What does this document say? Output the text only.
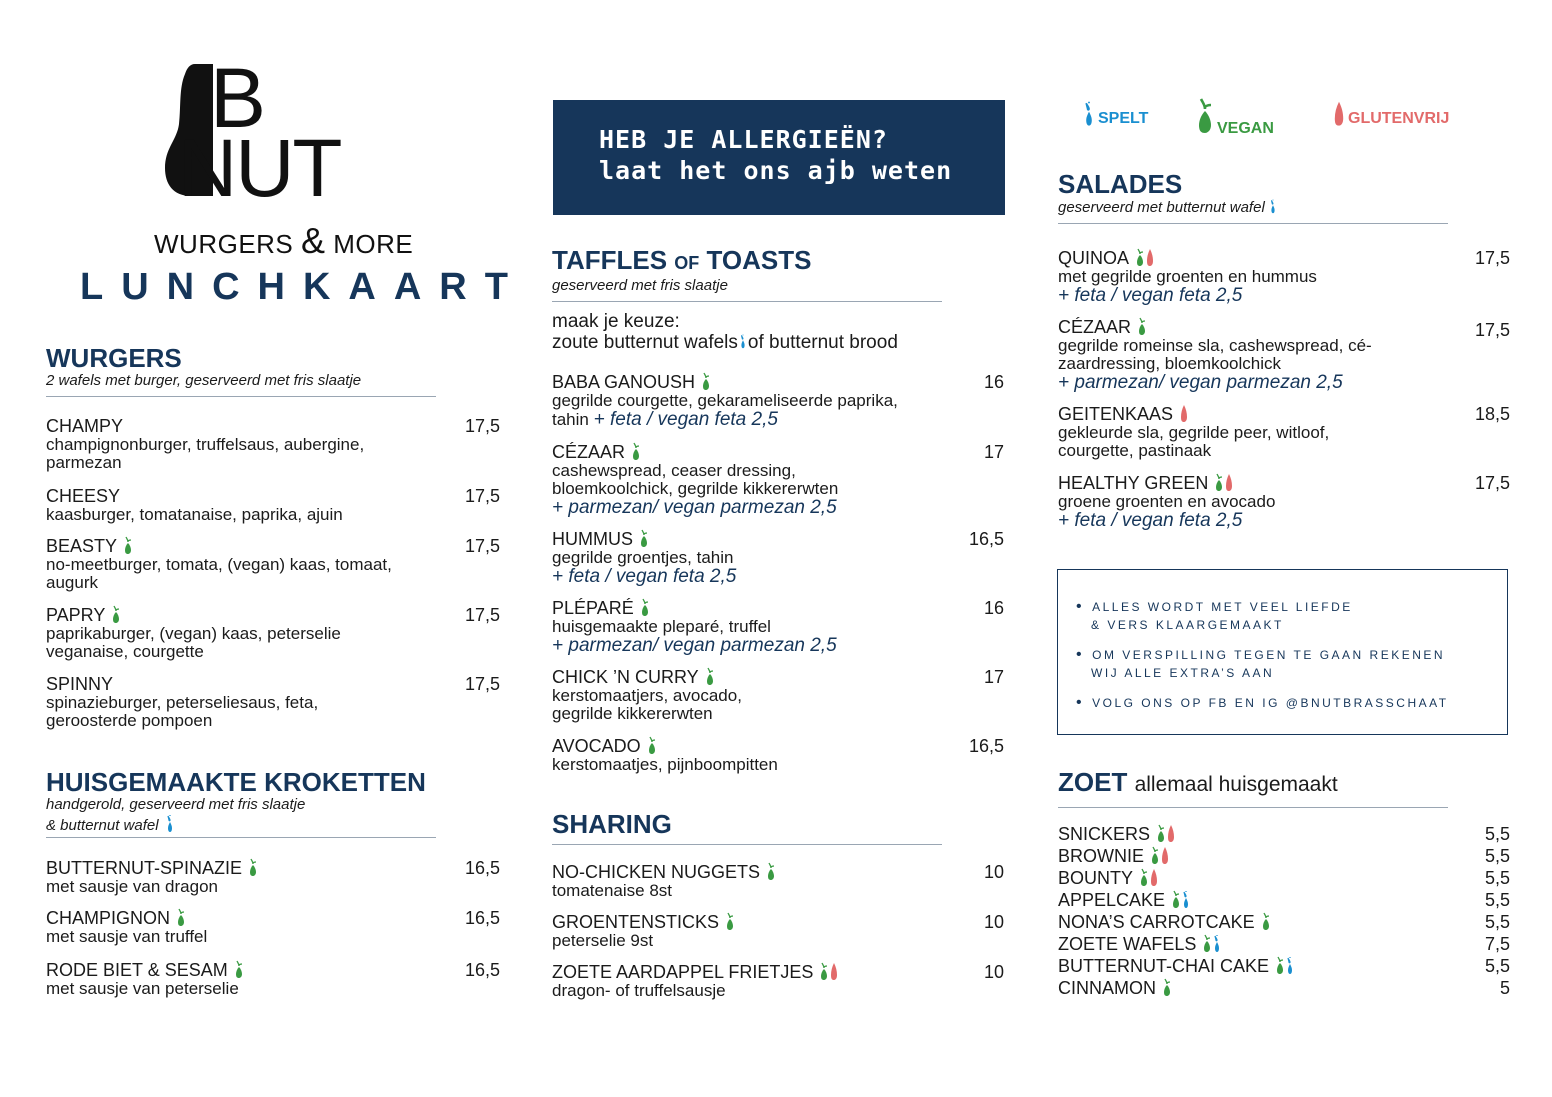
B
NUT
WURGERS & MORE
LUNCHKAART
HEB JE ALLERGIEËN?
laat het ons ajb weten
SPELT
VEGAN
GLUTENVRIJ
WURGERS
2 wafels met burger, geserveerd met fris slaatje
CHAMPY
champignonburger, truffelsaus, aubergine,
parmezan
17,5
CHEESY
kaasburger, tomatanaise, paprika, ajuin
17,5
BEASTY
no-meetburger, tomata, (vegan) kaas, tomaat,
augurk
17,5
PAPRY
paprikaburger, (vegan) kaas, peterselie
veganaise, courgette
17,5
SPINNY
spinazieburger, peterseliesaus, feta,
geroosterde pompoen
17,5
HUISGEMAAKTE KROKETTEN
handgerold, geserveerd met fris slaatje
& butternut wafel
BUTTERNUT-SPINAZIE
met sausje van dragon
16,5
CHAMPIGNON
met sausje van truffel
16,5
RODE BIET & SESAM
met sausje van peterselie
16,5
TAFFLES OF TOASTS
geserveerd met fris slaatje
maak je keuze:
zoute butternut wafels of butternut brood
BABA GANOUSH
gegrilde courgette, gekarameliseerde paprika,
tahin + feta / vegan feta 2,5
16
CÉZAAR
cashewspread, ceaser dressing,
bloemkoolchick, gegrilde kikkererwten
+ parmezan/ vegan parmezan 2,5
17
HUMMUS
gegrilde groentjes, tahin
+ feta / vegan feta 2,5
16,5
PLÉPARÉ
huisgemaakte pleparé, truffel
+ parmezan/ vegan parmezan 2,5
16
CHICK ’N CURRY
kerstomaatjers, avocado,
gegrilde kikkererwten
17
AVOCADO
kerstomaatjes, pijnboompitten
16,5
SHARING
NO-CHICKEN NUGGETS
tomatenaise 8st
10
GROENTENSTICKS
peterselie 9st
10
ZOETE AARDAPPEL FRIETJES
dragon- of truffelsausje
10
SALADES
geserveerd met butternut wafel
QUINOA
met gegrilde groenten en hummus
+ feta / vegan feta 2,5
17,5
CÉZAAR
gegrilde romeinse sla, cashewspread, cé-
zaardressing, bloemkoolchick
+ parmezan/ vegan parmezan 2,5
17,5
GEITENKAAS
gekleurde sla, gegrilde peer, witloof,
courgette, pastinaak
18,5
HEALTHY GREEN
groene groenten en avocado
+ feta / vegan feta 2,5
17,5
• ALLES WORDT MET VEEL LIEFDE
& VERS KLAARGEMAAKT
• OM VERSPILLING TEGEN TE GAAN REKENEN
WIJ ALLE EXTRA’S AAN
• VOLG ONS OP FB EN IG @BNUTBRASSCHAAT
ZOET allemaal huisgemaakt
SNICKERS	5,5
BROWNIE	5,5
BOUNTY	5,5
APPELCAKE	5,5
NONA’S CARROTCAKE	5,5
ZOETE WAFELS	7,5
BUTTERNUT-CHAI CAKE	5,5
CINNAMON	5
